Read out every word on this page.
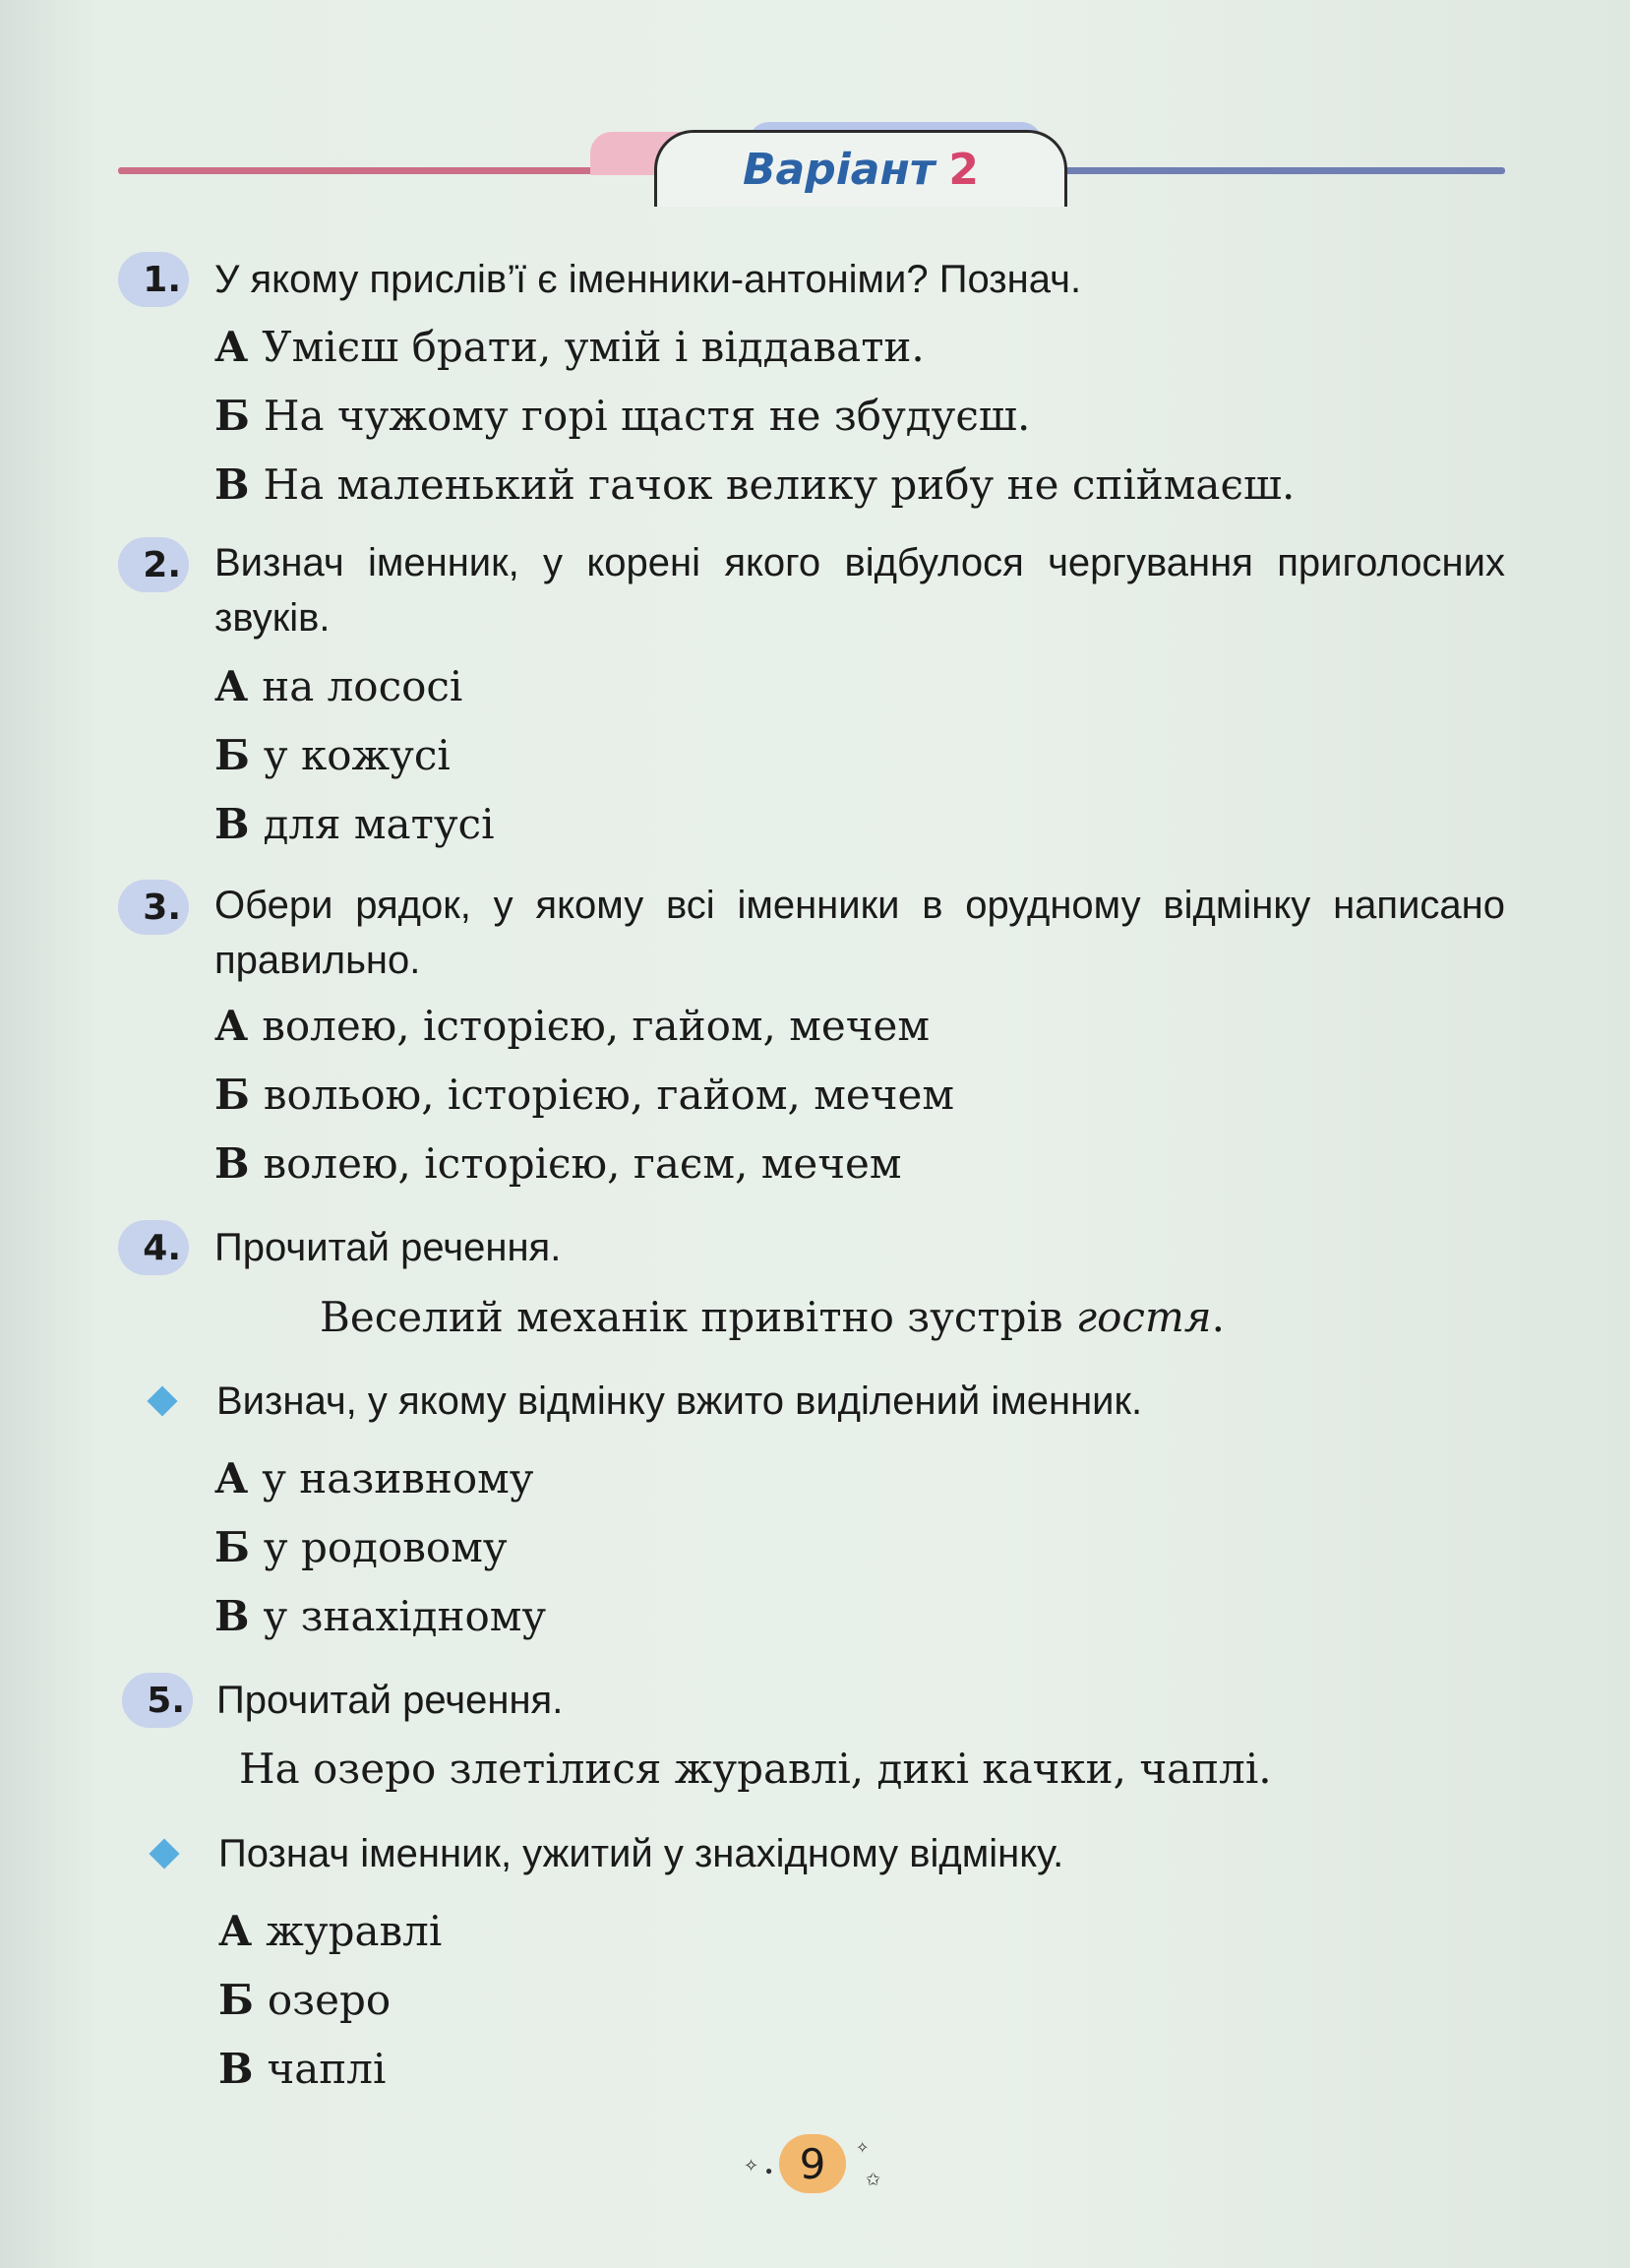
Варіант 2
1. У якому прислів’ї є іменники-антоніми? Познач.
А Умієш брати, умій і віддавати.
Б На чужому горі щастя не збудуєш.
В На маленький гачок велику рибу не спіймаєш.
2. Визнач іменник, у корені якого відбулося чергування приголосних звуків.
А на лососі
Б у кожусі
В для матусі
3. Обери рядок, у якому всі іменники в орудному відмінку написано правильно.
А волею, історією, гайом, мечем
Б вольою, історією, гайом, мечем
В волею, історією, гаєм, мечем
4. Прочитай речення.
Веселий механік привітно зустрів гостя.
Визнач, у якому відмінку вжито виділений іменник.
А у називному
Б у родовому
В у знахідному
5. Прочитай речення.
На озеро злетілися журавлі, дикі качки, чаплі.
Познач іменник, ужитий у знахідному відмінку.
А журавлі
Б озеро
В чаплі
✧ ● 9	✧
✩
